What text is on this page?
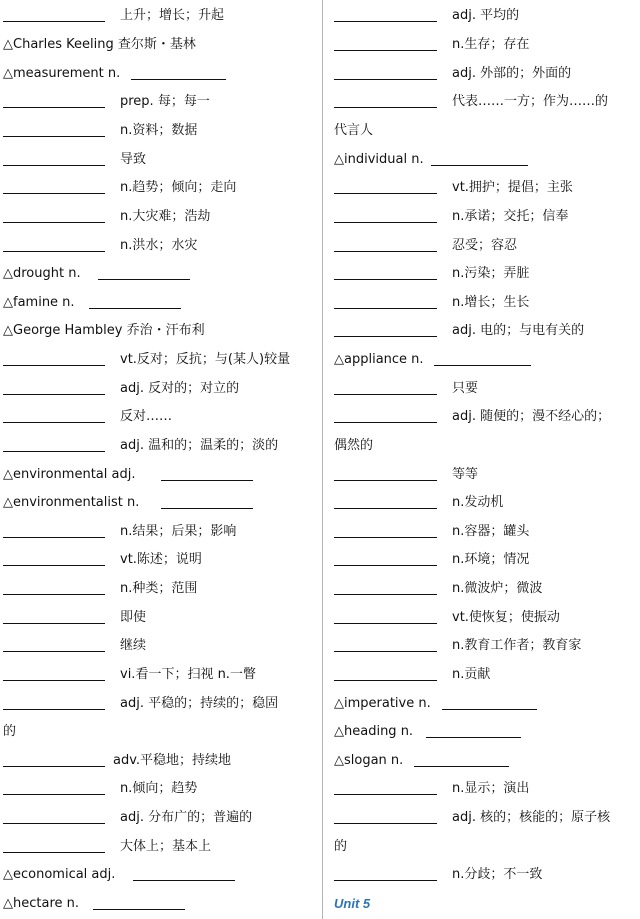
上升；增长；升起
△Charles Keeling 查尔斯・基林
△measurement n.
prep. 每；每一
n.资料；数据
导致
n.趋势；倾向；走向
n.大灾难；浩劫
n.洪水；水灾
△drought n.
△famine n.
△George Hambley 乔治・汗布利
vt.反对；反抗；与(某人)较量
adj. 反对的；对立的
反对……
adj. 温和的；温柔的；淡的
△environmental adj.
△environmentalist n.
n.结果；后果；影响
vt.陈述；说明
n.种类；范围
即使
继续
vi.看一下；扫视 n.一瞥
adj. 平稳的；持续的；稳固
的
adv.平稳地；持续地
n.倾向；趋势
adj. 分布广的；普遍的
大体上；基本上
△economical adj.
△hectare n.
adj. 平均的
n.生存；存在
adj. 外部的；外面的
代表……一方；作为……的
代言人
△individual n.
vt.拥护；提倡；主张
n.承诺；交托；信奉
忍受；容忍
n.污染；弄脏
n.增长；生长
adj. 电的；与电有关的
△appliance n.
只要
adj. 随便的；漫不经心的；
偶然的
等等
n.发动机
n.容器；罐头
n.环境；情况
n.微波炉；微波
vt.使恢复；使振动
n.教育工作者；教育家
n.贡献
△imperative n.
△heading n.
△slogan n.
n.显示；演出
adj. 核的；核能的；原子核
的
n.分歧；不一致
Unit 5
